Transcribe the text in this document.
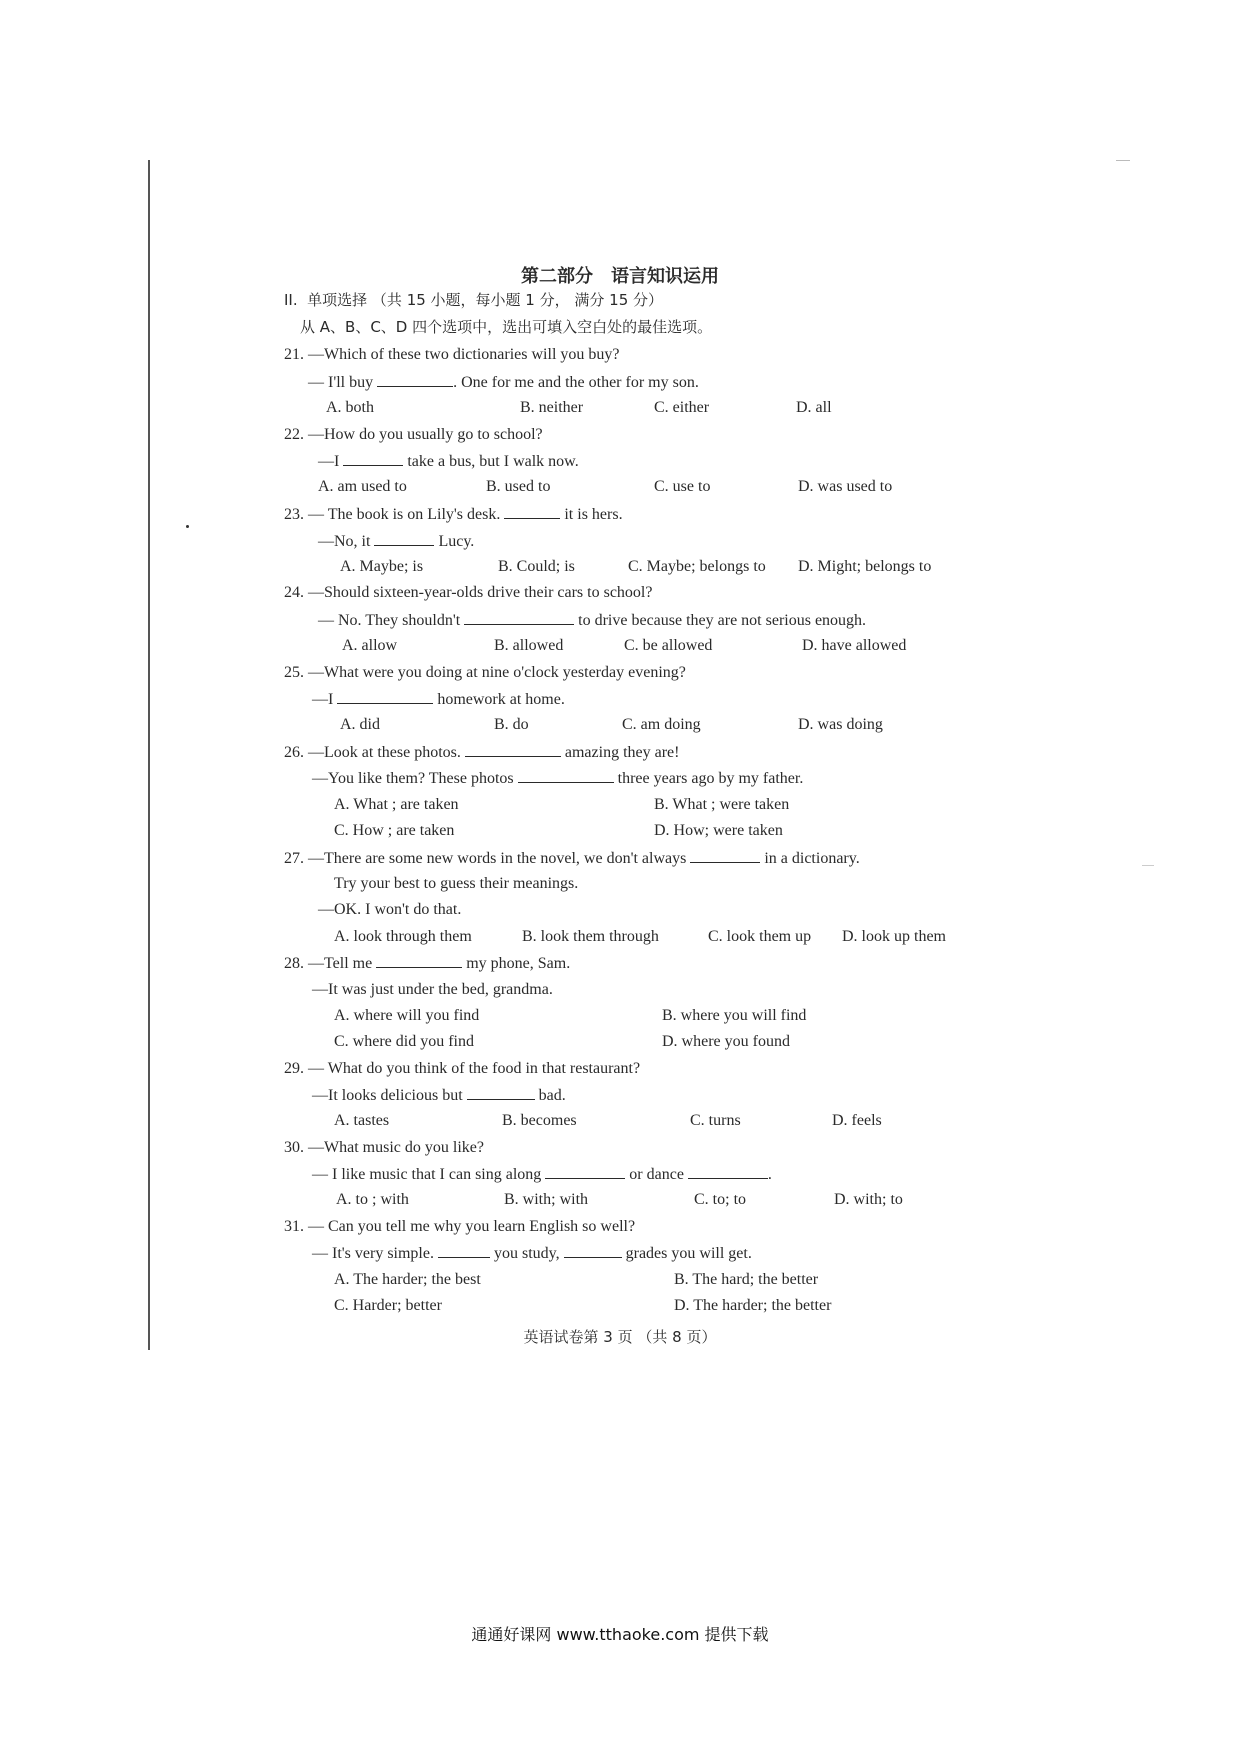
第二部分 语言知识运用
II.  单项选择 （共 15 小题，每小题 1 分， 满分 15 分）
从 A、B、C、D 四个选项中，选出可填入空白处的最佳选项。
21. —Which of these two dictionaries will you buy?
— I'll buy	. One for me and the other for my son.
A. both	B. neither	C. either	D. all
22. —How do you usually go to school?
—I	take a bus, but I walk now.
A. am used to	B. used to	C. use to	D. was used to
23. — The book is on Lily's desk.	it is hers.
—No, it	Lucy.
A. Maybe; is	B. Could; is	C. Maybe; belongs to D. Might; belongs to
24. —Should sixteen-year-olds drive their cars to school?
— No. They shouldn't	to drive because they are not serious enough.
A. allow	B. allowed	C. be allowed	D. have allowed
25. —What were you doing at nine o'clock yesterday evening?
—I	homework at home.
A. did	B. do	C. am doing	D. was doing
26. —Look at these photos.	amazing they are!
—You like them? These photos	three years ago by my father.
A. What ; are taken	B. What ; were taken
C. How ; are taken	D. How; were taken
27. —There are some new words in the novel, we don't always	in a dictionary.
Try your best to guess their meanings.
—OK. I won't do that.
A. look through them	B. look them through	C. look them up D. look up them
28. —Tell me	my phone, Sam.
—It was just under the bed, grandma.
A. where will you find	B. where you will find
C. where did you find	D. where you found
29. — What do you think of the food in that restaurant?
—It looks delicious but	bad.
A. tastes	B. becomes	C. turns	D. feels
30. —What music do you like?
— I like music that I can sing along	or dance	.
A. to ; with	B. with; with	C. to; to	D. with; to
31. — Can you tell me why you learn English so well?
— It's very simple.	you study,	grades you will get.
A. The harder; the best	B. The hard; the better
C. Harder; better	D. The harder; the better
英语试卷第 3 页 （共 8 页）
通通好课网 www.tthaoke.com 提供下载
